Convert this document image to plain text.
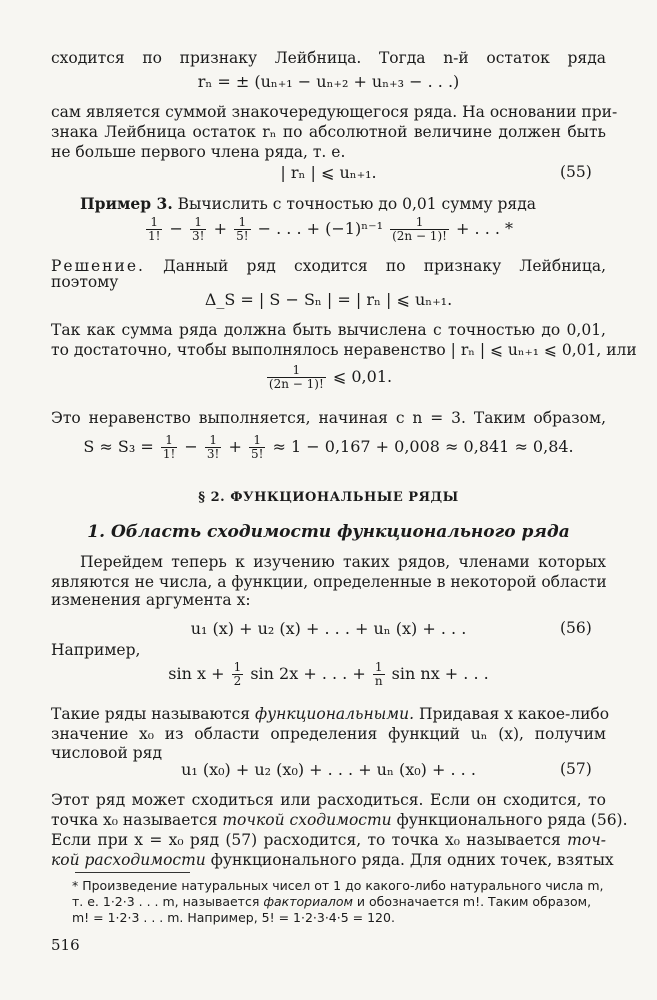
сходится по признаку Лейбница. Тогда n-й остаток ряда
rₙ = ± (uₙ₊₁ − uₙ₊₂ + uₙ₊₃ − . . .)
сам является суммой знакочередующегося ряда. На основании при-
знака Лейбница остаток rₙ по абсолютной величине должен быть
не больше первого члена ряда, т. е.
| rₙ | ⩽ uₙ₊₁.	(55)
Пример 3. Вычислить с точностью до 0,01 сумму ряда
$\frac{1}{1!} - \frac{1}{3!} + \frac{1}{5!}$ − . . . + $(-1)^{n-1} \frac{1}{(2n - 1)!}$ + . . . *
Решение. Данный ряд сходится по признаку Лейбница,
поэтому
Δ_S = | S − Sₙ | = | rₙ | ⩽ uₙ₊₁.
Так как сумма ряда должна быть вычислена с точностью до 0,01,
то достаточно, чтобы выполнялось неравенство | rₙ | ⩽ uₙ₊₁ ⩽ 0,01, или
$\frac{1}{(2n - 1)!}$ ⩽ 0,01.
Это неравенство выполняется, начиная с n = 3. Таким образом,
$S \approx S_3 = \frac{1}{1!} - \frac{1}{3!} + \frac{1}{5!} \approx 1 - 0,167 + 0,008 \approx 0,841 \approx 0,84$.
§ 2. ФУНКЦИОНАЛЬНЫЕ РЯДЫ
1. Область сходимости функционального ряда
Перейдем теперь к изучению таких рядов, членами которых
являются не числа, а функции, определенные в некоторой области
изменения аргумента x:
u₁ (x) + u₂ (x) + . . . + uₙ (x) + . . .	(56)
Например,
$\sin x + \frac{1}{2}$ sin 2x + . . . + $\frac{1}{n}$ sin nx + . . .
Такие ряды называются функциональными. Придавая x какое-либо
значение x₀ из области определения функций uₙ (x), получим
числовой ряд
u₁ (x₀) + u₂ (x₀) + . . . + uₙ (x₀) + . . .	(57)
Этот ряд может сходиться или расходиться. Если он сходится, то
точка x₀ называется точкой сходимости функционального ряда (56).
Если при x = x₀ ряд (57) расходится, то точка x₀ называется точ-
кой расходимости функционального ряда. Для одних точек, взятых
* Произведение натуральных чисел от 1 до какого-либо натурального числа m,
т. е. 1·2·3 . . . m, называется факториалом и обозначается m!. Таким образом,
m! = 1·2·3 . . . m. Например, 5! = 1·2·3·4·5 = 120.
516
